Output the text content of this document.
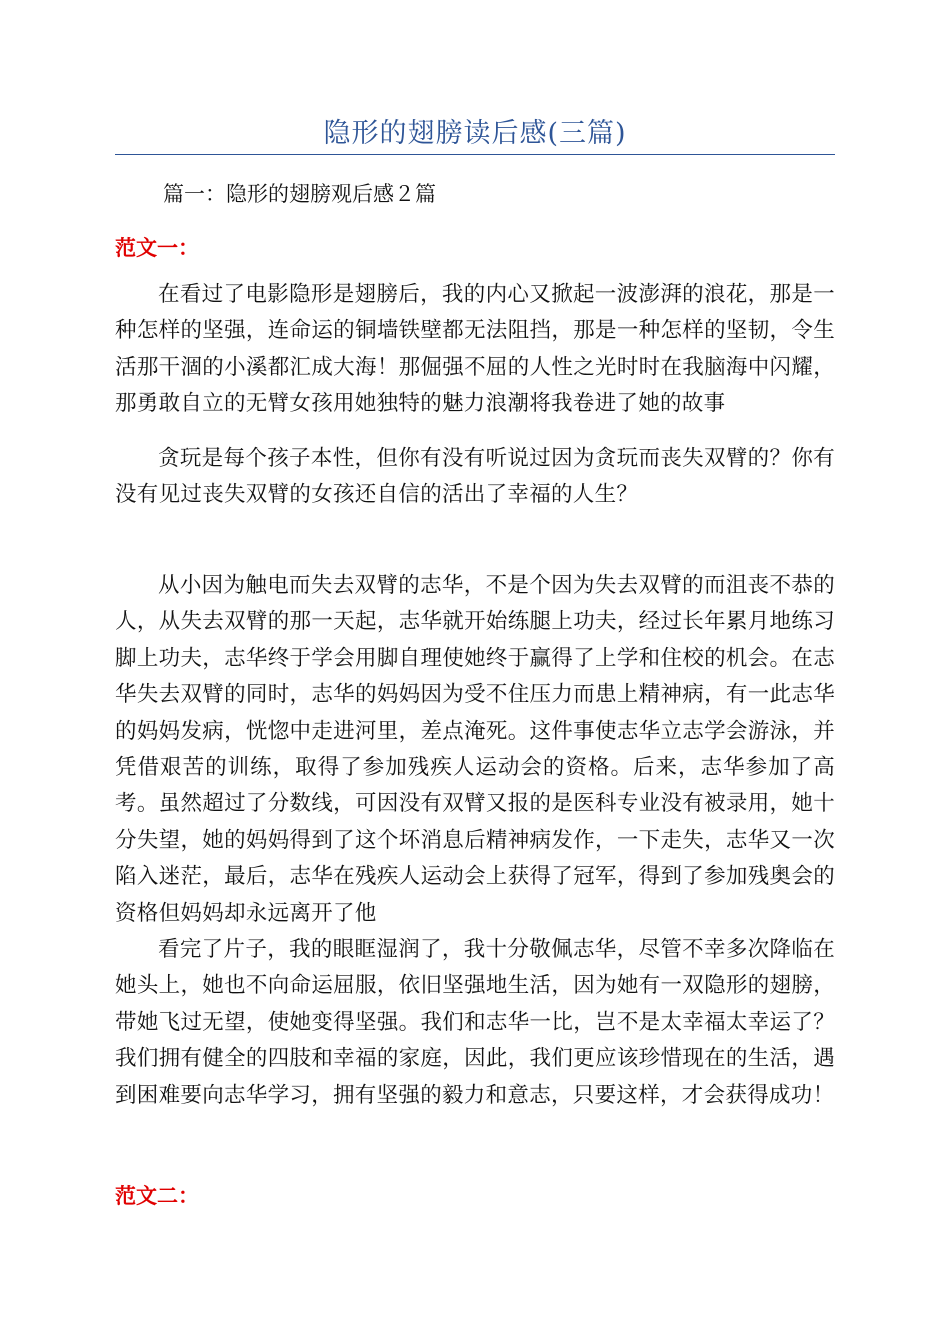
隐形的翅膀读后感(三篇)

篇一：隐形的翅膀观后感２篇

范文一：

在看过了电影隐形是翅膀后，我的内心又掀起一波澎湃的浪花，那是一种怎样的坚强，连命运的铜墙铁壁都无法阻挡，那是一种怎样的坚韧，令生活那干涸的小溪都汇成大海！那倔强不屈的人性之光时时在我脑海中闪耀，那勇敢自立的无臂女孩用她独特的魅力浪潮将我卷进了她的故事

贪玩是每个孩子本性，但你有没有听说过因为贪玩而丧失双臂的？你有没有见过丧失双臂的女孩还自信的活出了幸福的人生？

从小因为触电而失去双臂的志华，不是个因为失去双臂的而沮丧不恭的人，从失去双臂的那一天起，志华就开始练腿上功夫，经过长年累月地练习脚上功夫，志华终于学会用脚自理使她终于赢得了上学和住校的机会。在志华失去双臂的同时，志华的妈妈因为受不住压力而患上精神病，有一此志华的妈妈发病，恍惚中走进河里，差点淹死。这件事使志华立志学会游泳，并凭借艰苦的训练，取得了参加残疾人运动会的资格。后来，志华参加了高考。虽然超过了分数线，可因没有双臂又报的是医科专业没有被录用，她十分失望，她的妈妈得到了这个坏消息后精神病发作，一下走失，志华又一次陷入迷茫，最后，志华在残疾人运动会上获得了冠军，得到了参加残奥会的资格但妈妈却永远离开了他

看完了片子，我的眼眶湿润了，我十分敬佩志华，尽管不幸多次降临在她头上，她也不向命运屈服，依旧坚强地生活，因为她有一双隐形的翅膀，带她飞过无望，使她变得坚强。我们和志华一比，岂不是太幸福太幸运了？我们拥有健全的四肢和幸福的家庭，因此，我们更应该珍惜现在的生活，遇到困难要向志华学习，拥有坚强的毅力和意志，只要这样，才会获得成功！

范文二：
